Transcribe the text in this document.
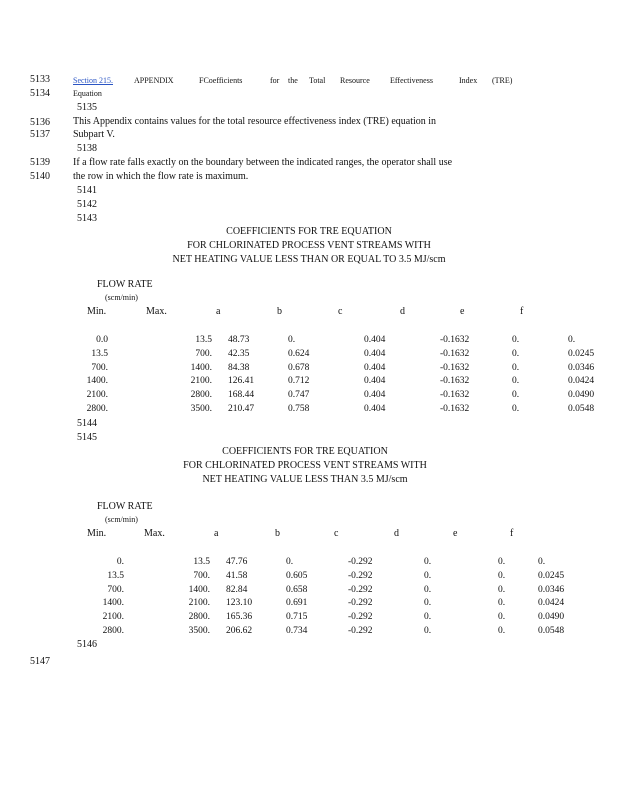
5133
5134
5136
5137
5139
5140
5147
Section 215.	APPENDIX	FCoefficients	for the Total Resource	Effectiveness	Index (TRE)
Equation
5135
5138
5141
5142
5143
5144
5145
5146
This Appendix contains values for the total resource effectiveness index (TRE) equation in
Subpart V.
If a flow rate falls exactly on the boundary between the indicated ranges, the operator shall use
the row in which the flow rate is maximum.
COEFFICIENTS FOR TRE EQUATION
FOR CHLORINATED PROCESS VENT STREAMS WITH
NET HEATING VALUE LESS THAN OR EQUAL TO 3.5 MJ/scm
FLOW RATE
(scm/min)
Min.	Max.	a	b	c	d	e	f
0.0	13.5		48.73		0.		0.404		-0.1632		0.	0.
13.5	700.		42.35		0.624		0.404		-0.1632		0.	0.0245
700.	1400.		84.38		0.678		0.404		-0.1632		0.	0.0346
1400.	2100.		126.41		0.712		0.404		-0.1632		0.	0.0424
2100.	2800.		168.44		0.747		0.404		-0.1632		0.	0.0490
2800.	3500.		210.47		0.758		0.404		-0.1632		0.	0.0548
COEFFICIENTS FOR TRE EQUATION
FOR CHLORINATED PROCESS VENT STREAMS WITH
NET HEATING VALUE LESS THAN 3.5 MJ/scm
FLOW RATE
(scm/min)
Min.	Max.	a	b	c	d	e	f
0.	13.5		47.76		0.		-0.292		0.		0.	0.
13.5	700.		41.58		0.605		-0.292		0.		0.	0.0245
700.	1400.		82.84		0.658		-0.292		0.		0.	0.0346
1400.	2100.		123.10		0.691		-0.292		0.		0.	0.0424
2100.	2800.		165.36		0.715		-0.292		0.		0.	0.0490
2800.	3500.		206.62		0.734		-0.292		0.		0.	0.0548
